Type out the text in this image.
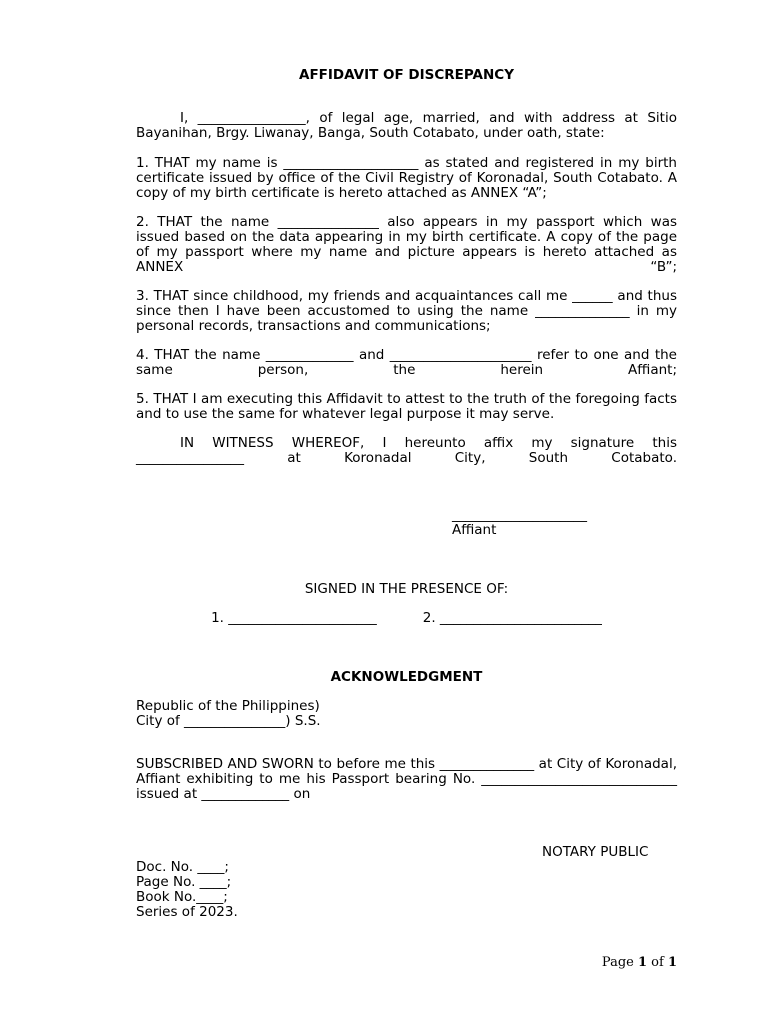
AFFIDAVIT OF DISCREPANCY

I, ________________, of legal age, married, and with address at Sitio Bayanihan, Brgy. Liwanay, Banga, South Cotabato, under oath, state:

1. THAT my name is ____________________ as stated and registered in my birth certificate issued by office of the Civil Registry of Koronadal, South Cotabato. A copy of my birth certificate is hereto attached as ANNEX “A”;

2. THAT the name _______________ also appears in my passport which was issued based on the data appearing in my birth certificate. A copy of the page of my passport where my name and picture appears is hereto attached as ANNEX “B”;

3. THAT since childhood, my friends and acquaintances call me ______ and thus since then I have been accustomed to using the name ______________ in my personal records, transactions and communications;

4. THAT the name _____________ and _____________________ refer to one and the same person, the herein Affiant;

5. THAT I am executing this Affidavit to attest to the truth of the foregoing facts and to use the same for whatever legal purpose it may serve.

IN WITNESS WHEREOF, I hereunto affix my signature this ________________ at Koronadal City, South Cotabato.

____________________
Affiant

SIGNED IN THE PRESENCE OF:

1. ______________________	2. ________________________

ACKNOWLEDGMENT

Republic of the Philippines)
City of _______________) S.S.

SUBSCRIBED AND SWORN to before me this ______________ at City of Koronadal, Affiant exhibiting to me his Passport bearing No. _____________________________ issued at _____________ on

NOTARY PUBLIC

Doc. No. ____;
Page No. ____;
Book No.____;
Series of 2023.
Page 1 of 1
